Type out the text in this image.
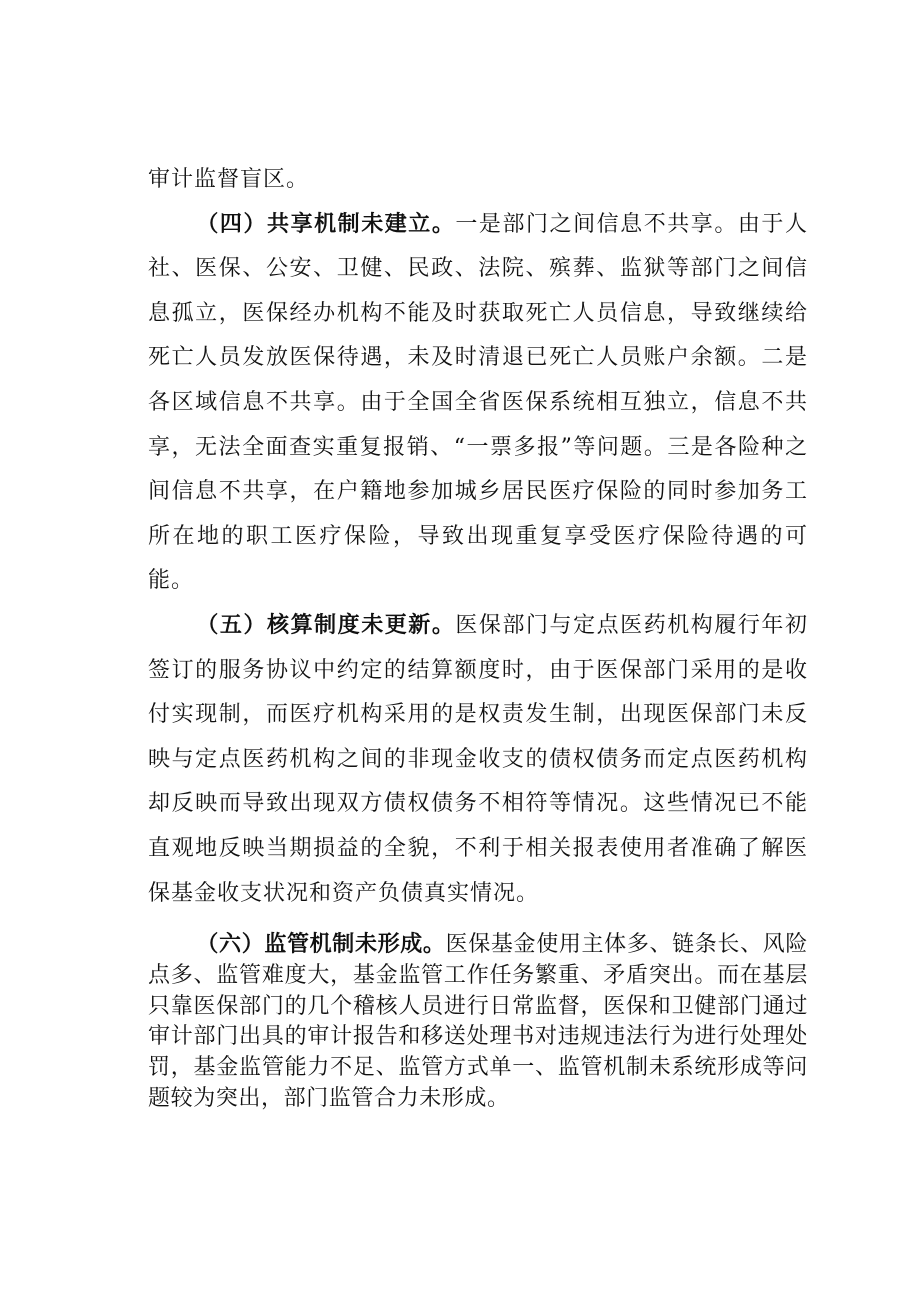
审计监督盲区。

（四）共享机制未建立。一是部门之间信息不共享。由于人社、医保、公安、卫健、民政、法院、殡葬、监狱等部门之间信息孤立，医保经办机构不能及时获取死亡人员信息，导致继续给死亡人员发放医保待遇，未及时清退已死亡人员账户余额。二是各区域信息不共享。由于全国全省医保系统相互独立，信息不共享，无法全面查实重复报销、“一票多报”等问题。三是各险种之间信息不共享，在户籍地参加城乡居民医疗保险的同时参加务工所在地的职工医疗保险，导致出现重复享受医疗保险待遇的可能。

（五）核算制度未更新。医保部门与定点医药机构履行年初签订的服务协议中约定的结算额度时，由于医保部门采用的是收付实现制，而医疗机构采用的是权责发生制，出现医保部门未反映与定点医药机构之间的非现金收支的债权债务而定点医药机构却反映而导致出现双方债权债务不相符等情况。这些情况已不能直观地反映当期损益的全貌，不利于相关报表使用者准确了解医保基金收支状况和资产负债真实情况。

（六）监管机制未形成。医保基金使用主体多、链条长、风险点多、监管难度大，基金监管工作任务繁重、矛盾突出。而在基层只靠医保部门的几个稽核人员进行日常监督，医保和卫健部门通过审计部门出具的审计报告和移送处理书对违规违法行为进行处理处罚，基金监管能力不足、监管方式单一、监管机制未系统形成等问题较为突出，部门监管合力未形成。
